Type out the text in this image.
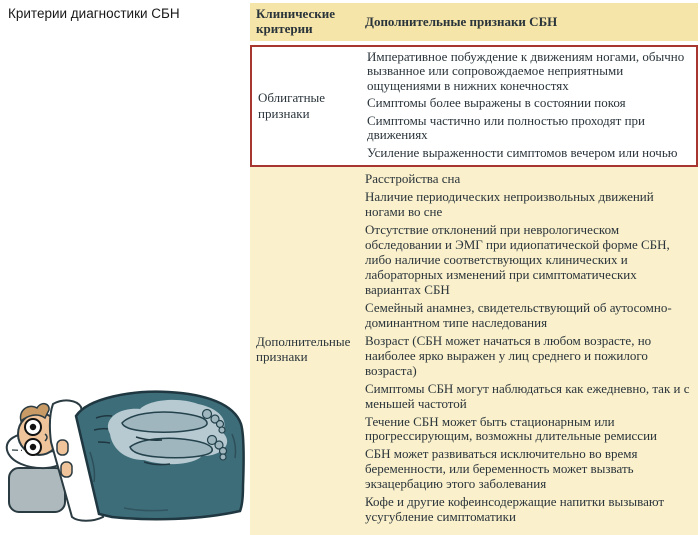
Критерии диагностики СБН	Клинические критерии
Дополнительные признаки СБН
Облигатные признаки
Императивное побуждение к движениям ногами, обычно вызванное или сопровождаемое неприятными ощущениями в нижних конечностях
Симптомы более выражены в состоянии покоя
Симптомы частично или полностью проходят при движениях
Усиление выраженности симптомов вечером или ночью
Дополнительные признаки
Расстройства сна
Наличие периодических непроизвольных движений ногами во сне
Отсутствие отклонений при неврологическом обследовании и ЭМГ при идиопатической форме СБН, либо наличие соответствующих клинических и лабораторных изменений при симптоматических вариантах СБН
Семейный анамнез, свидетельствующий об аутосомно-доминантном типе наследования
Возраст (СБН может начаться в любом возрасте, но наиболее ярко выражен у лиц среднего и пожилого возраста)
Симптомы СБН могут наблюдаться как ежедневно, так и с меньшей частотой
Течение СБН может быть стационарным или прогрессирующим, возможны длительные ремиссии
СБН может развиваться исключительно во время беременности, или беременность может вызвать экзацербацию этого заболевания
Кофе и другие кофеинсодержащие напитки вызывают усугубление симптоматики
